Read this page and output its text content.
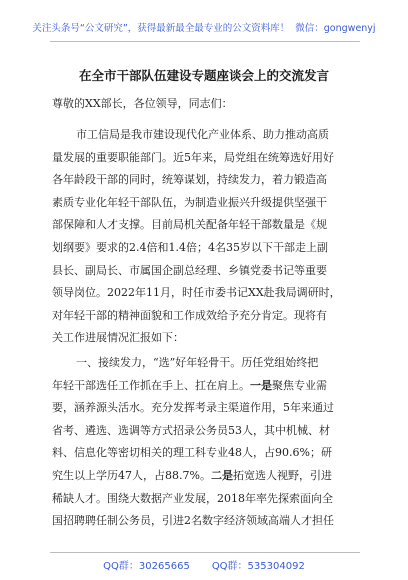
关注头条号“公文研究”，获得最新最全最专业的公文资料库！ 微信：gongwenyj
在全市干部队伍建设专题座谈会上的交流发言
尊敬的XX部长，各位领导，同志们：
市工信局是我市建设现代化产业体系、助力推动高质
量发展的重要职能部门。近5年来，局党组在统筹选好用好
各年龄段干部的同时，统筹谋划，持续发力，着力锻造高
素质专业化年轻干部队伍，为制造业振兴升级提供坚强干
部保障和人才支撑。目前局机关配备年轻干部数量是《规
划纲要》要求的2.4倍和1.4倍；4名35岁以下干部走上副
县长、副局长、市属国企副总经理、乡镇党委书记等重要
领导岗位。2022年11月，时任市委书记XX赴我局调研时，
对年轻干部的精神面貌和工作成效给予充分肯定。现将有
关工作进展情况汇报如下：
一、接续发力，“选”好年轻骨干。历任党组始终把
年轻干部选任工作抓在手上、扛在肩上。一是聚焦专业需
要，涵养源头活水。充分发挥考录主渠道作用，5年来通过
省考、遴选、选调等方式招录公务员53人，其中机械、材
料、信息化等密切相关的理工科专业48人，占90.6%；研
究生以上学历47人，占88.7%。二是拓宽选人视野，引进
稀缺人才。围绕大数据产业发展，2018年率先探索面向全
国招聘聘任制公务员，引进2名数字经济领域高端人才担任
QQ群：30265665 QQ群：535304092
